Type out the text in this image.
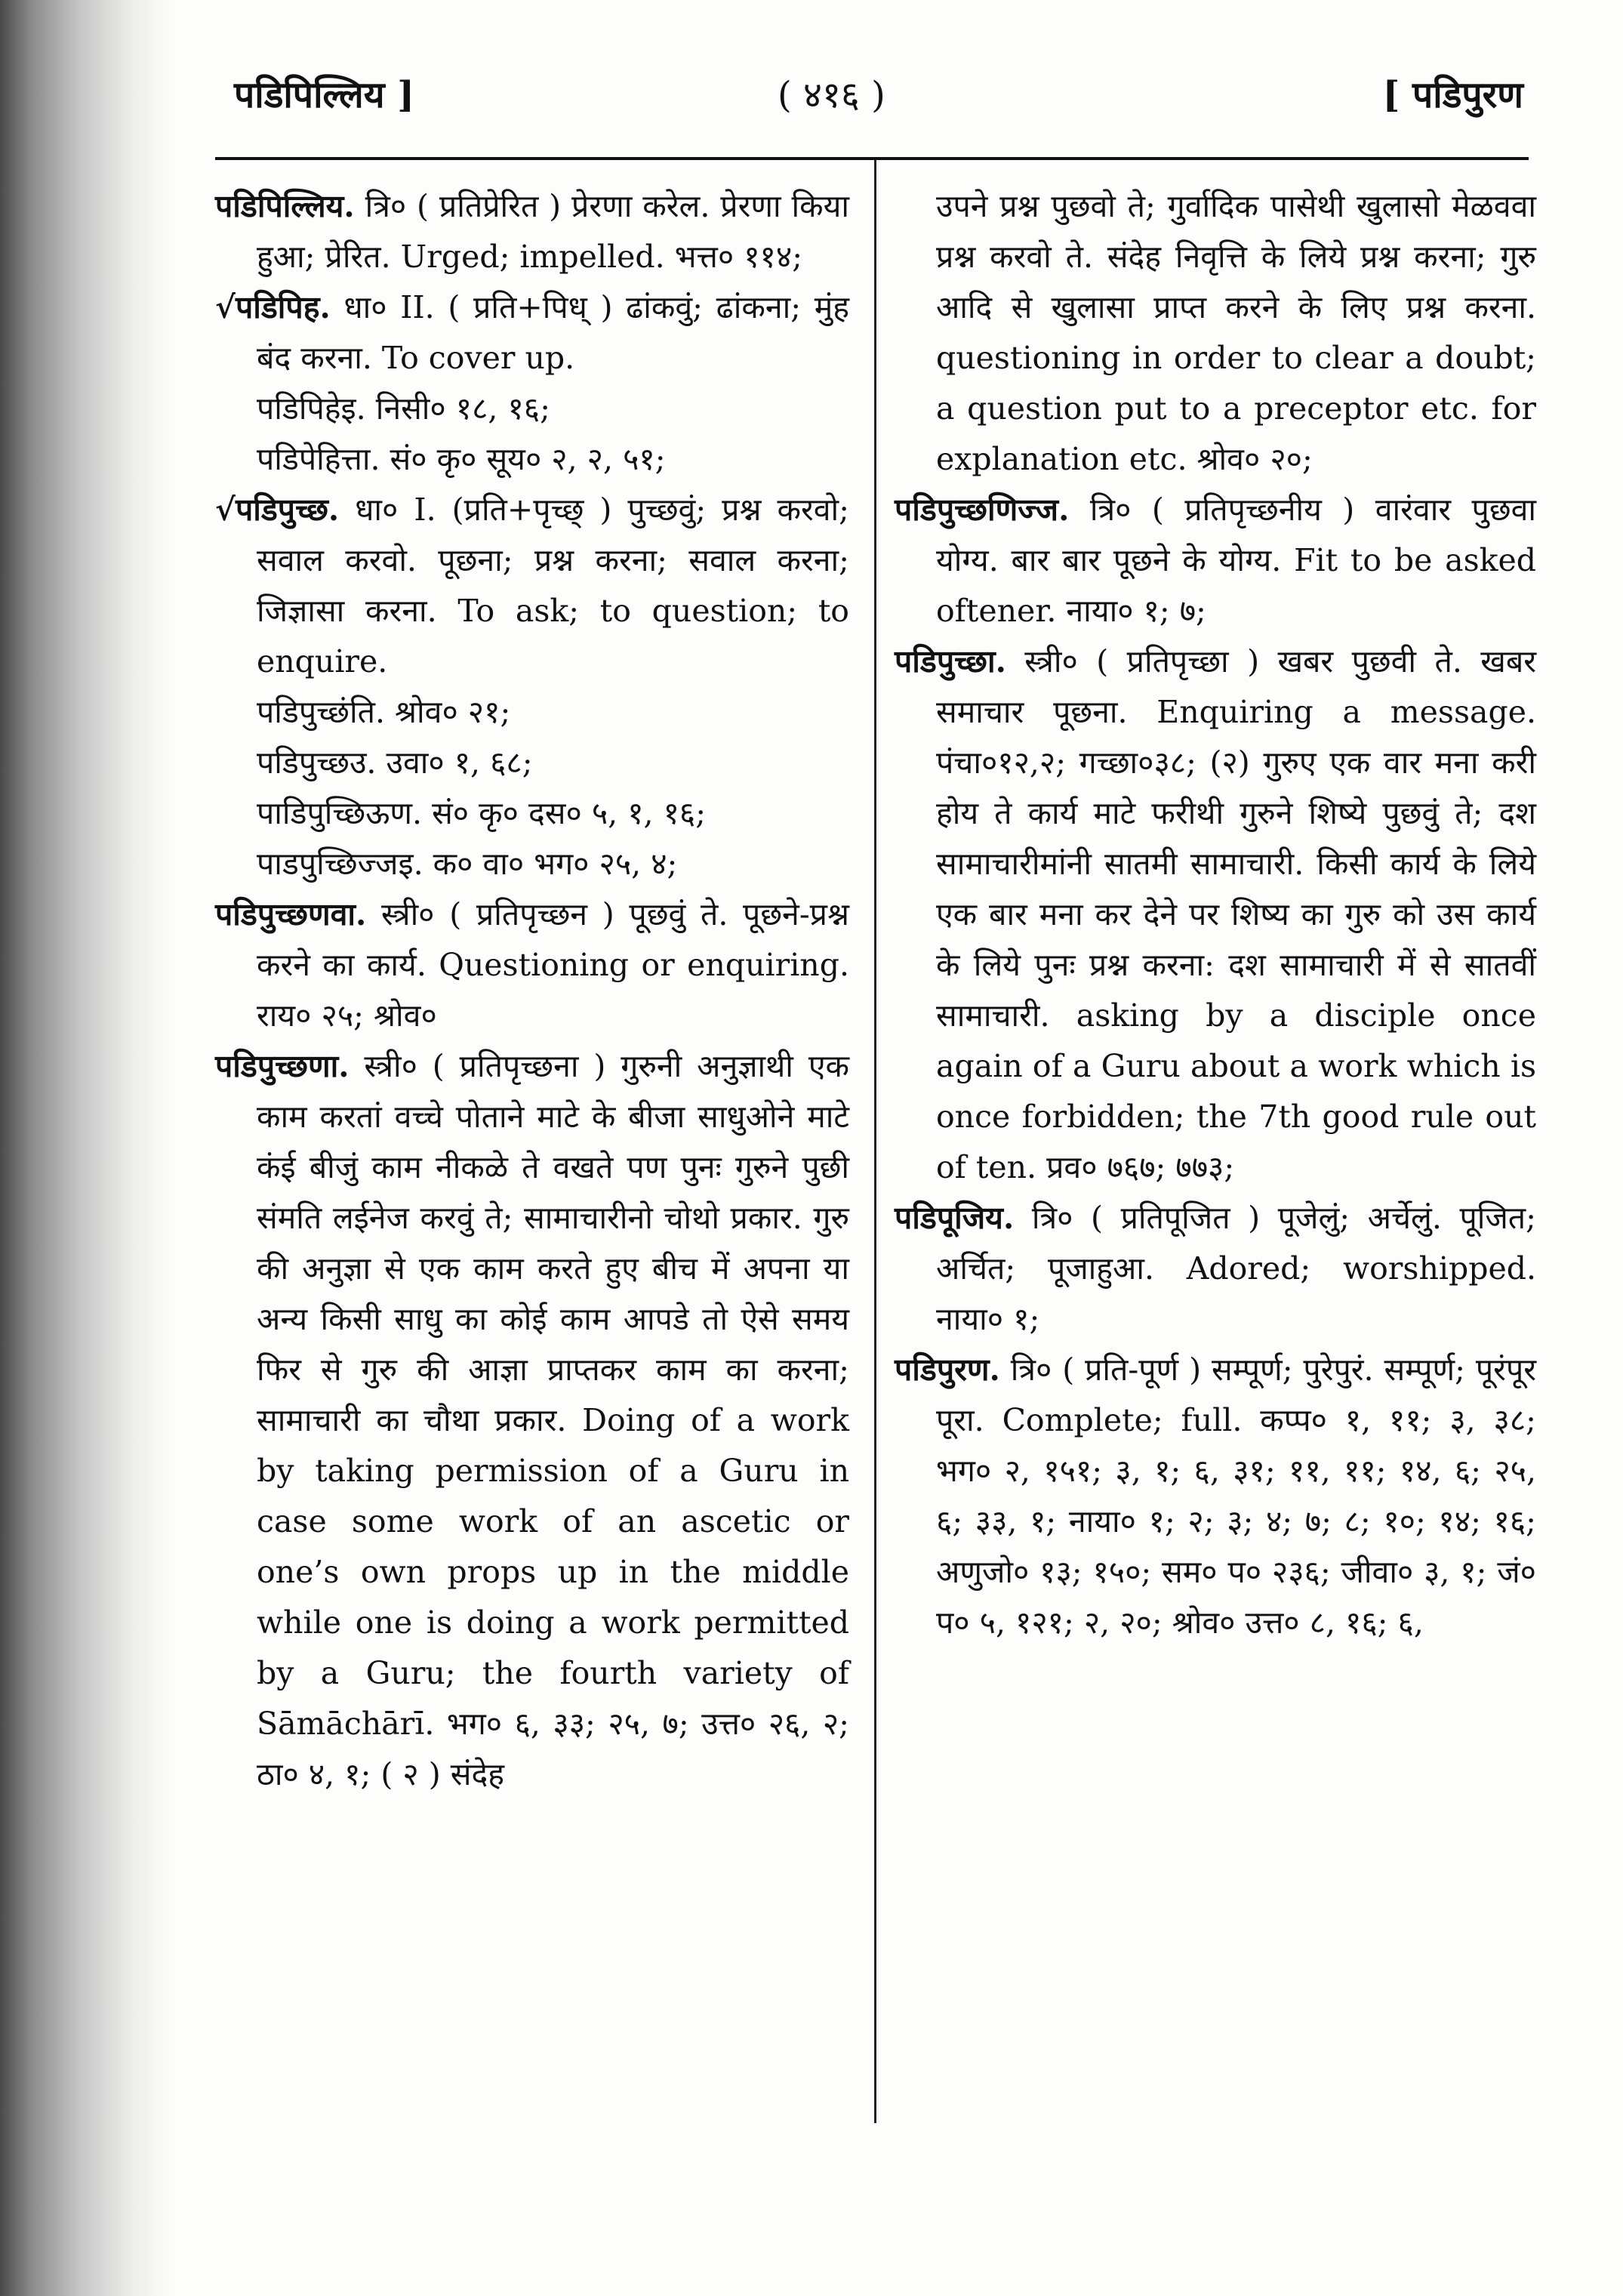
पडिपिल्लिय ]	( ४१६ )	[ पडिपुरण

पडिपिल्लिय. त्रि० ( प्रतिप्रेरित ) प्रेरणा करेल. प्रेरणा किया हुआ; प्रेरित. Urged; impelled. भत्त० ११४;

√पडिपिह. धा० II. ( प्रति+पिध् ) ढांकवुं; ढांकना; मुंह बंद करना. To cover up.

पडिपिहेइ. निसी० १८, १६;

पडिपेहित्ता. सं० कृ० सूय० २, २, ५१;

√पडिपुच्छ. धा० I. (प्रति+पृच्छ् ) पुच्छवुं; प्रश्न करवो; सवाल करवो. पूछना; प्रश्न करना; सवाल करना; जिज्ञासा करना. To ask; to question; to enquire.

पडिपुच्छंति. श्रोव० २१;

पडिपुच्छउ. उवा० १, ६८;

पाडिपुच्छिऊण. सं० कृ० दस० ५, १, १६;

पाडपुच्छिज्जइ. क० वा० भग० २५, ४;

पडिपुच्छणवा. स्त्री० ( प्रतिपृच्छन ) पूछवुं ते. पूछने-प्रश्न करने का कार्य. Questioning or enquiring. राय० २५; श्रोव०

पडिपुच्छणा. स्त्री० ( प्रतिपृच्छना ) गुरुनी अनुज्ञाथी एक काम करतां वच्चे पोताने माटे के बीजा साधुओने माटे कंई बीजुं काम नीकळे ते वखते पण पुनः गुरुने पुछी संमति लईनेज करवुं ते; सामाचारीनो चोथो प्रकार. गुरु की अनुज्ञा से एक काम करते हुए बीच में अपना या अन्य किसी साधु का कोई काम आपडे तो ऐसे समय फिर से गुरु की आज्ञा प्राप्तकर काम का करना; सामाचारी का चौथा प्रकार. Doing of a work by taking permission of a Guru in case some work of an ascetic or one’s own props up in the middle while one is doing a work permitted by a Guru; the fourth variety of Sāmāchārī. भग० ६, ३३; २५, ७; उत्त० २६, २; ठा० ४, १; ( २ ) संदेह

उपने प्रश्न पुछवो ते; गुर्वादिक पासेथी खुलासो मेळववा प्रश्न करवो ते. संदेह निवृत्ति के लिये प्रश्न करना; गुरु आदि से खुलासा प्राप्त करने के लिए प्रश्न करना. questioning in order to clear a doubt; a question put to a preceptor etc. for explanation etc. श्रोव० २०;

पडिपुच्छणिज्ज. त्रि० ( प्रतिपृच्छनीय ) वारंवार पुछवा योग्य. बार बार पूछने के योग्य. Fit to be asked oftener. नाया० १; ७;

पडिपुच्छा. स्त्री० ( प्रतिपृच्छा ) खबर पुछवी ते. खबर समाचार पूछना. Enquiring a message. पंचा०१२,२; गच्छा०३८; (२) गुरुए एक वार मना करी होय ते कार्य माटे फरीथी गुरुने शिष्ये पुछवुं ते; दश सामाचारीमांनी सातमी सामाचारी. किसी कार्य के लिये एक बार मना कर देने पर शिष्य का गुरु को उस कार्य के लिये पुनः प्रश्न करना: दश सामाचारी में से सातवीं सामाचारी. asking by a disciple once again of a Guru about a work which is once forbidden; the 7th good rule out of ten. प्रव० ७६७; ७७३;

पडिपूजिय. त्रि० ( प्रतिपूजित ) पूजेलुं; अर्चेलुं. पूजित; अर्चित; पूजाहुआ. Adored; worshipped. नाया० १;

पडिपुरण. त्रि० ( प्रति-पूर्ण ) सम्पूर्ण; पुरेपुरं. सम्पूर्ण; पूरंपूर पूरा. Complete; full. कप्प० १, ११; ३, ३८; भग० २, १५१; ३, १; ६, ३१; ११, ११; १४, ६; २५, ६; ३३, १; नाया० १; २; ३; ४; ७; ८; १०; १४; १६; अणुजो० १३; १५०; सम० प० २३६; जीवा० ३, १; जं० प० ५, १२१; २, २०; श्रोव० उत्त० ८, १६; ६,
